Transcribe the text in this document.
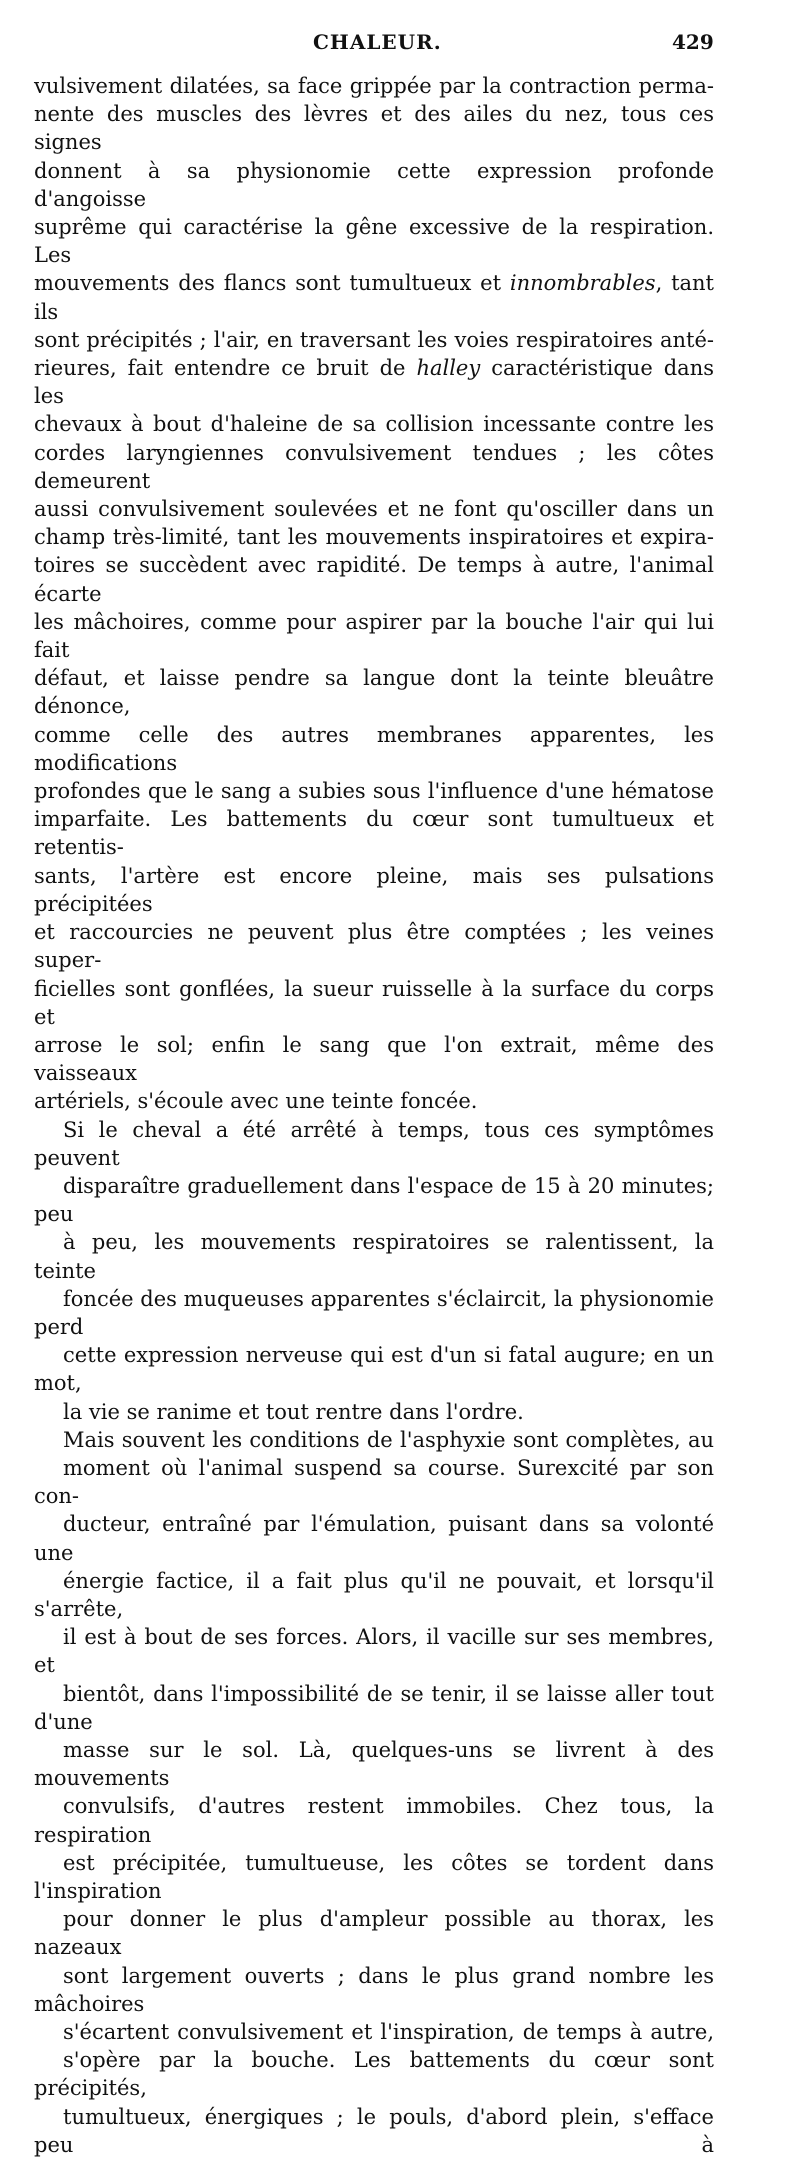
CHALEUR.	429

vulsivement dilatées, sa face grippée par la contraction perma-
nente des muscles des lèvres et des ailes du nez, tous ces signes
donnent à sa physionomie cette expression profonde d'angoisse
suprême qui caractérise la gêne excessive de la respiration. Les
mouvements des flancs sont tumultueux et innombrables, tant ils
sont précipités ; l'air, en traversant les voies respiratoires anté-
rieures, fait entendre ce bruit de halley caractéristique dans les
chevaux à bout d'haleine de sa collision incessante contre les
cordes laryngiennes convulsivement tendues ; les côtes demeurent
aussi convulsivement soulevées et ne font qu'osciller dans un
champ très-limité, tant les mouvements inspiratoires et expira-
toires se succèdent avec rapidité. De temps à autre, l'animal écarte
les mâchoires, comme pour aspirer par la bouche l'air qui lui fait
défaut, et laisse pendre sa langue dont la teinte bleuâtre dénonce,
comme celle des autres membranes apparentes, les modifications
profondes que le sang a subies sous l'influence d'une hématose
imparfaite. Les battements du cœur sont tumultueux et retentis-
sants, l'artère est encore pleine, mais ses pulsations précipitées
et raccourcies ne peuvent plus être comptées ; les veines super-
ficielles sont gonflées, la sueur ruisselle à la surface du corps et
arrose le sol; enfin le sang que l'on extrait, même des vaisseaux
artériels, s'écoule avec une teinte foncée.

Si le cheval a été arrêté à temps, tous ces symptômes peuvent
disparaître graduellement dans l'espace de 15 à 20 minutes; peu
à peu, les mouvements respiratoires se ralentissent, la teinte
foncée des muqueuses apparentes s'éclaircit, la physionomie perd
cette expression nerveuse qui est d'un si fatal augure; en un mot,
la vie se ranime et tout rentre dans l'ordre.

Mais souvent les conditions de l'asphyxie sont complètes, au
moment où l'animal suspend sa course. Surexcité par son con-
ducteur, entraîné par l'émulation, puisant dans sa volonté une
énergie factice, il a fait plus qu'il ne pouvait, et lorsqu'il s'arrête,
il est à bout de ses forces. Alors, il vacille sur ses membres, et
bientôt, dans l'impossibilité de se tenir, il se laisse aller tout d'une
masse sur le sol. Là, quelques-uns se livrent à des mouvements
convulsifs, d'autres restent immobiles. Chez tous, la respiration
est précipitée, tumultueuse, les côtes se tordent dans l'inspiration
pour donner le plus d'ampleur possible au thorax, les nazeaux
sont largement ouverts ; dans le plus grand nombre les mâchoires
s'écartent convulsivement et l'inspiration, de temps à autre,
s'opère par la bouche. Les battements du cœur sont précipités,
tumultueux, énergiques ; le pouls, d'abord plein, s'efface peu à
